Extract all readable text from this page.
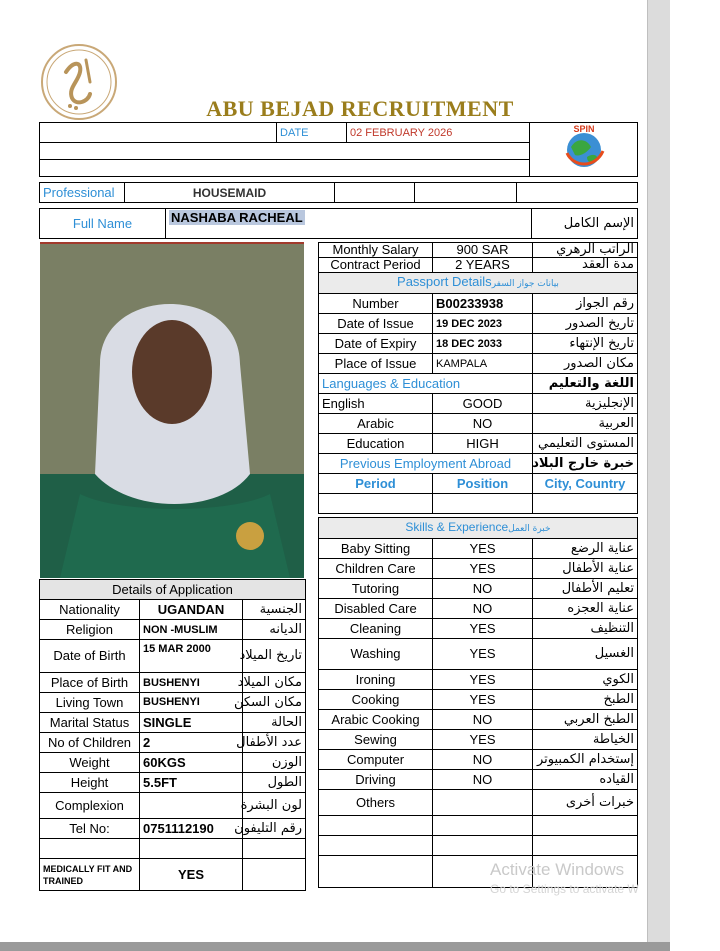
ABU BEJAD RECRUITMENT
	DATE	02 FEBRUARY 2026	SPIN

Professional	HOUSEMAID			
Full Name	NASHABA RACHEAL	الإسم الكامل
Monthly Salary	900 SAR	الراتب الرهري
Contract Period	2 YEARS	مدة العقد
Passport Detailsبيانات جواز السفر		
Number	B00233938	رقم الجواز
Date of Issue	19 DEC 2023	تاريخ الصدور
Date of Expiry	18 DEC 2033	تاريخ الإنتهاء
Place of Issue	KAMPALA	مكان الصدور
Languages & Education		اللغة والتعليم
English	GOOD	الإنجليزية
Arabic	NO	العربية
Education	HIGH	المستوى التعليمي
Previous Employment Abroad		خبرة خارج البلاد
Period	Position	City, Country

Skills & Experienceخبرة العمل		
Baby Sitting	YES	عناية الرضع
Children Care	YES	عناية الأطفال
Tutoring	NO	تعليم الأطفال
Disabled Care	NO	عناية العجزه
Cleaning	YES	التنظيف
Washing	YES	الغسيل
Ironing	YES	الكوي
Cooking	YES	الطبخ
Arabic Cooking	NO	الطبخ العربي
Sewing	YES	الخياطة
Computer	NO	إستخدام الكمبيوتر
Driving	NO	القياده
Others		خبرات أخرى

Details of Application		
Nationality	UGANDAN	الجنسية
Religion	NON -MUSLIM	الديانه
Date of Birth	15 MAR 2000	تاريخ الميلاد
Place of Birth	BUSHENYI	مكان الميلاد
Living Town	BUSHENYI	مكان السكن
Marital Status	SINGLE	الحالة
No of Children	2	عدد الأطفال
Weight	60KGS	الوزن
Height	5.5FT	الطول
Complexion		لون البشرة
Tel No:	0751112190	رقم التليفون

MEDICALLY FIT AND TRAINED	YES		Activate Windows
Go to Settings to activate W
